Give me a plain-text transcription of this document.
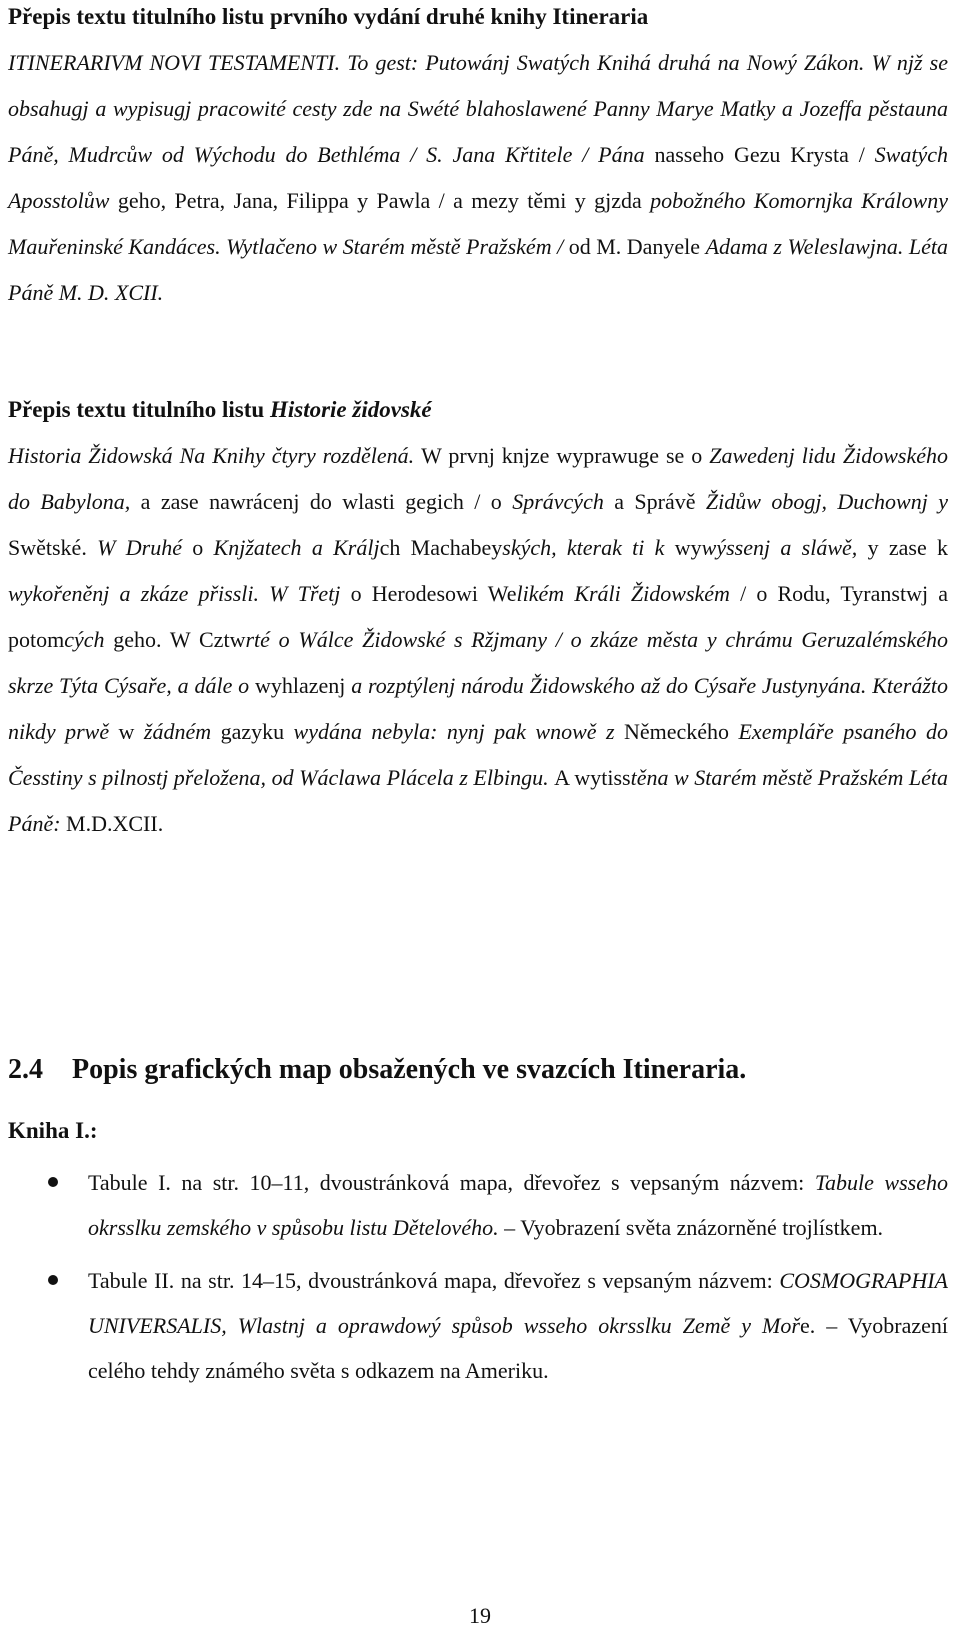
Přepis textu titulního listu prvního vydání druhé knihy Itineraria

ITINERARIVM NOVI TESTAMENTI. To gest: Putowánj Swatých Knihá druhá na Nowý Zákon. W njž se obsahugj a wypisugj pracowité cesty zde na Swété blahoslawené Panny Marye Matky a Jozeffa pěstauna Páně, Mudrcůw od Wýchodu do Bethléma / S. Jana Křtitele / Pána nasseho Gezu Krysta / Swatých Aposstolůw geho, Petra, Jana, Filippa y Pawla / a mezy těmi y gjzda pobožného Komornjka Králowny Mauřeninské Kandáces. Wytlačeno w Starém městě Pražském / od M. Danyele Adama z Weleslawjna. Léta Páně M. D. XCII.

Přepis textu titulního listu Historie židovské

Historia Židowská Na Knihy čtyry rozdělená. W prvnj knjze wyprawuge se o Zawedenj lidu Židowského do Babylona, a zase nawrácenj do wlasti gegich / o Správcých a Správě Židůw obogj, Duchownj y Swětské. W Druhé o Knjžatech a Králjch Machabeyských, kterak ti k wywýssenj a sláwě, y zase k wykořeněnj a zkáze přissli. W Třetj o Herodesowi Welikém Králi Židowském / o Rodu, Tyranstwj a potomcých geho. W Cztwrté o Wálce Židowské s Ržjmany / o zkáze města y chrámu Geruzalémského skrze Týta Cýsaře, a dále o wyhlazenj a rozptýlenj národu Židowského až do Cýsaře Justynyána. Kterážto nikdy prwě w žádném gazyku wydána nebyla: nynj pak wnowě z Německého Exempláře psaného do Česstiny s pilnostj přeložena, od Wáclawa Plácela z Elbingu. A wytisstěna w Starém městě Pražském Léta Páně: M.D.XCII.

2.4 Popis grafických map obsažených ve svazcích Itineraria.
Kniha I.:

Tabule I. na str. 10–11, dvoustránková mapa, dřevořez s vepsaným názvem: Tabule wsseho okrsslku zemského v spůsobu listu Dětelového. – Vyobrazení světa znázorněné trojlístkem.

Tabule II. na str. 14–15, dvoustránková mapa, dřevořez s vepsaným názvem: COSMOGRAPHIA UNIVERSALIS, Wlastnj a oprawdowý spůsob wsseho okrsslku Země y Moře. – Vyobrazení celého tehdy známého světa s odkazem na Ameriku.

19
